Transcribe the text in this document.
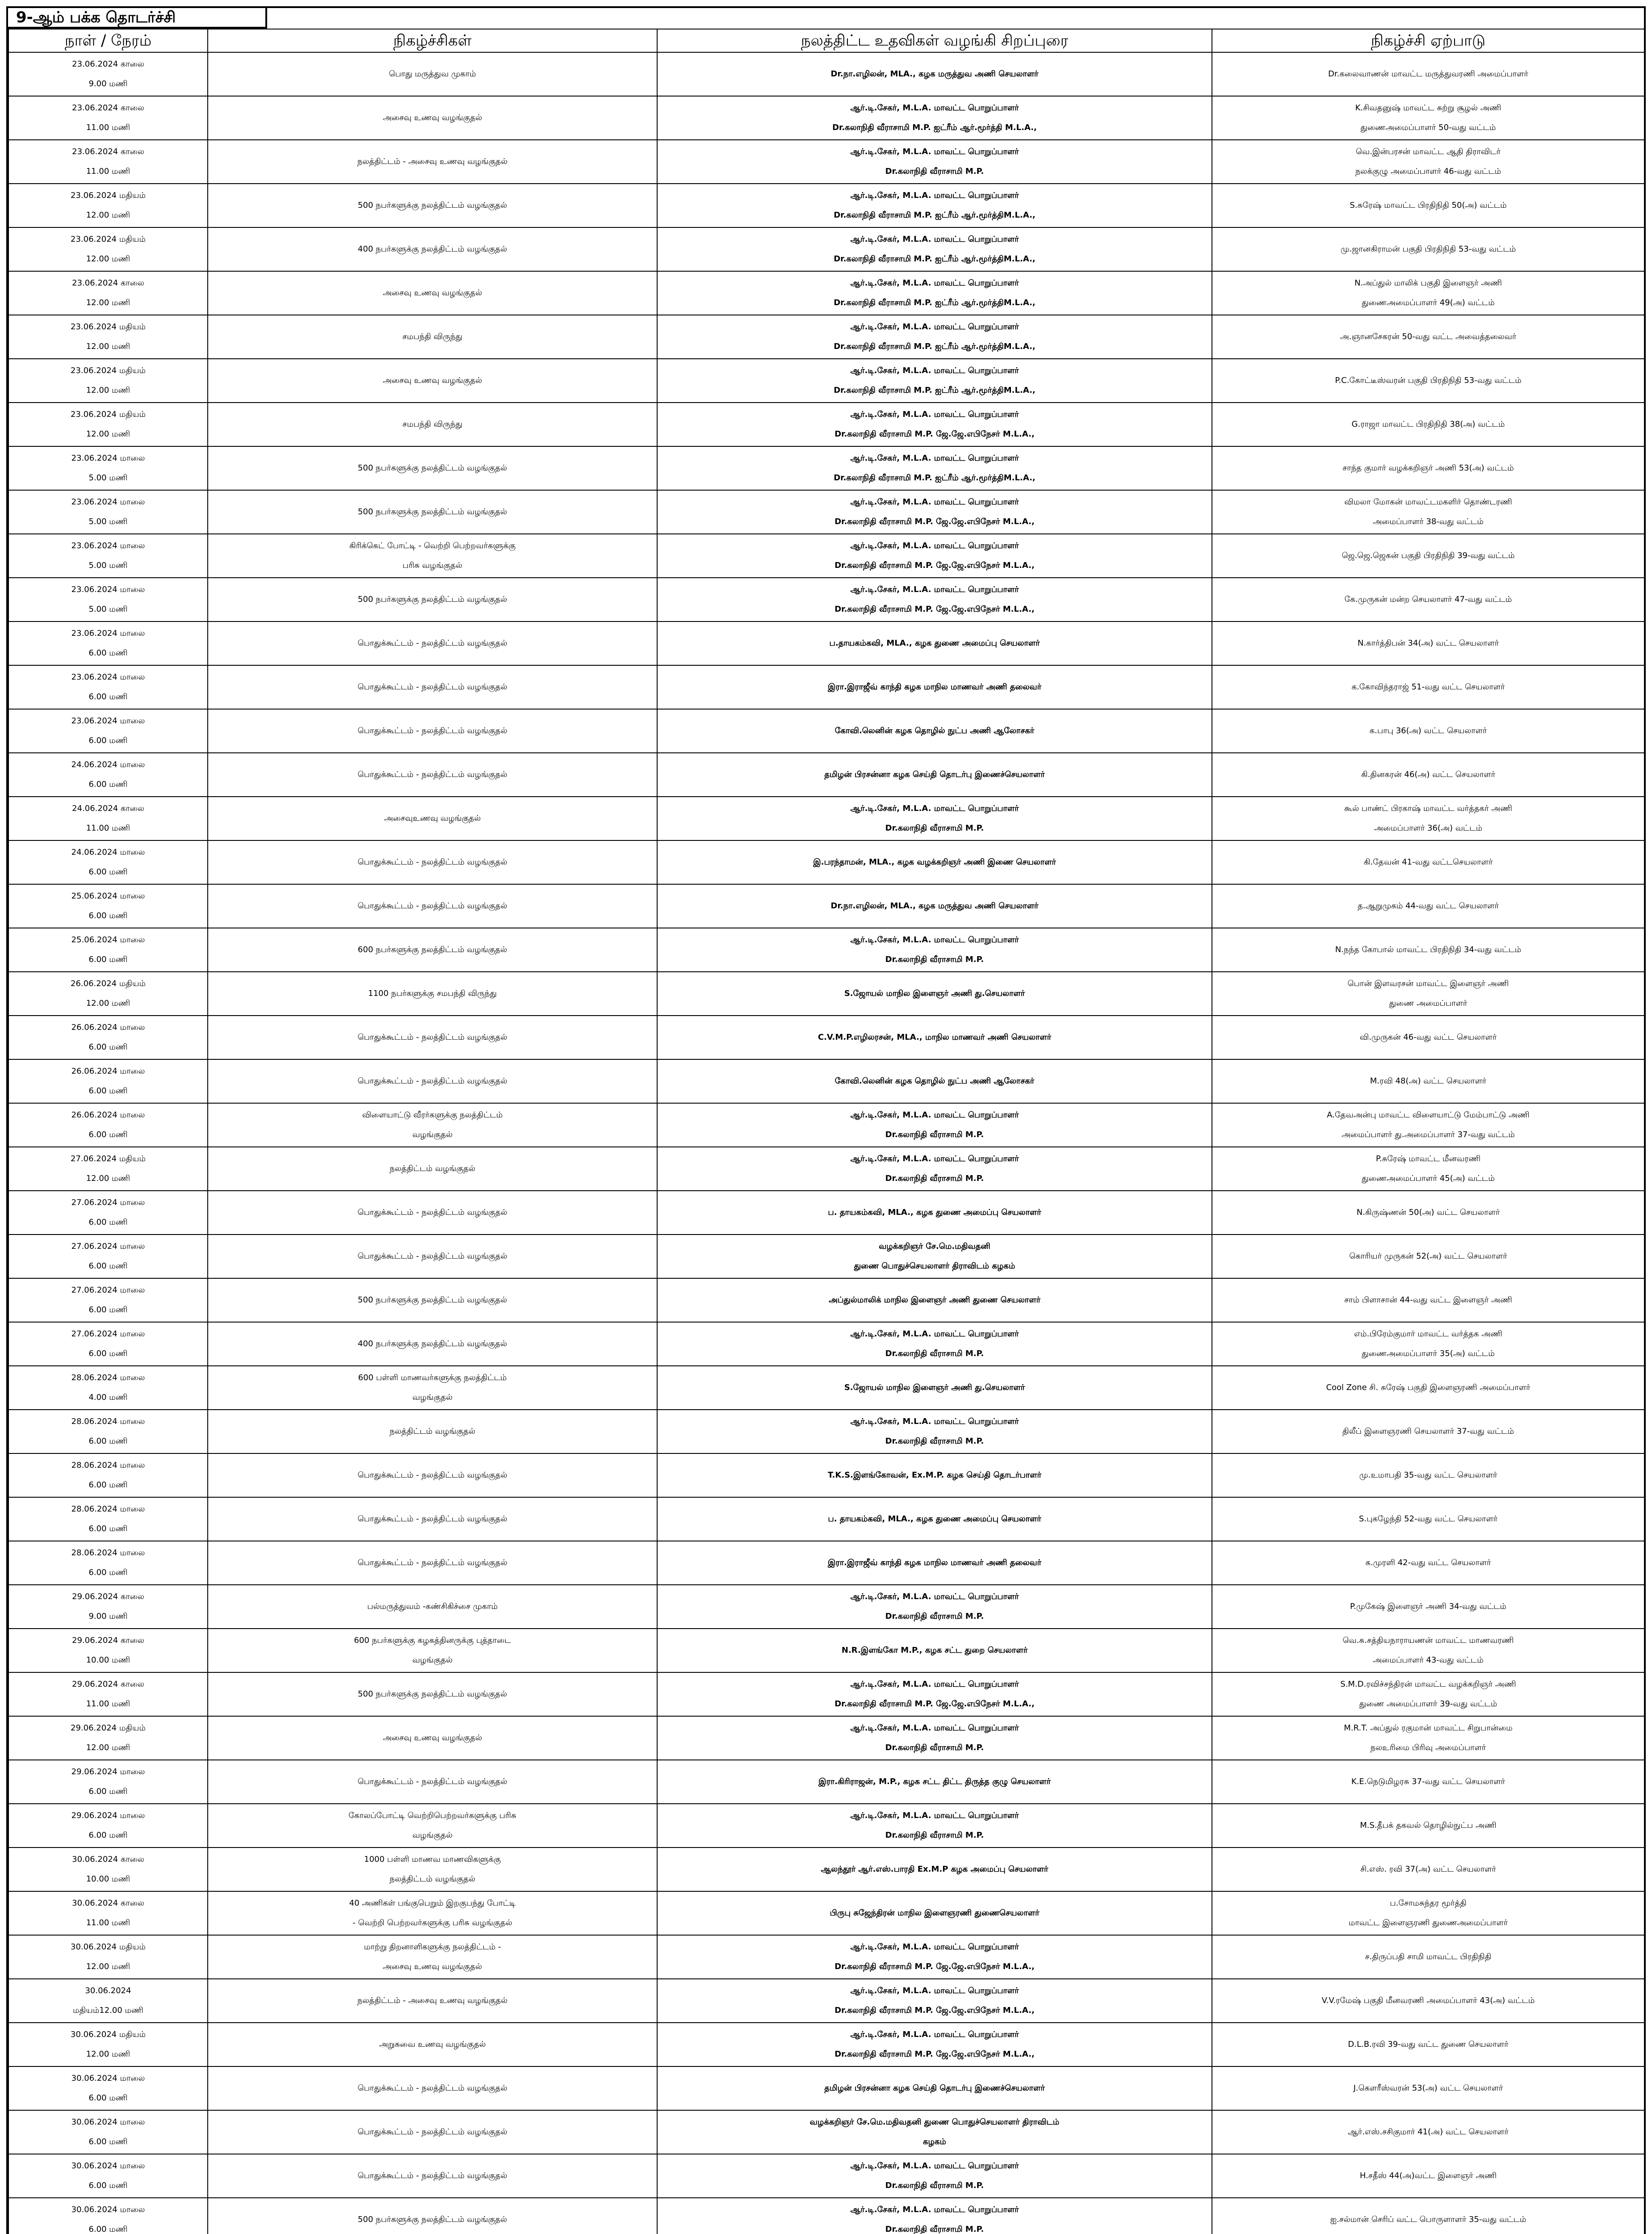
9-ஆம் பக்க தொடர்ச்சி
நாள் / நேரம்	நிகழ்ச்சிகள்	நலத்திட்ட உதவிகள் வழங்கி சிறப்புரை	நிகழ்ச்சி ஏற்பாடு

23.06.2024 காலை
9.00 மணி	பொது மருத்துவ முகாம்	Dr.நா.எழிலன், MLA., கழக மருத்துவ அணி செயலாளர்	Dr.கலைவாணன் மாவட்ட மருத்துவரணி அமைப்பாளர்

23.06.2024 காலை
11.00 மணி	அசைவு உணவு வழங்குதல்	ஆர்.டி.சேகர், M.L.A. மாவட்ட பொறுப்பாளர்
Dr.கலாநிதி வீராசாமி M.P. ஐட்ரீம் ஆர்.மூர்த்தி M.L.A.,	K.சிவதனுஷ் மாவட்ட சுற்று சூழல் அணி
துணைஅமைப்பாளர் 50-வது வட்டம்

23.06.2024 காலை
11.00 மணி	நலத்திட்டம் - அசைவு உணவு வழங்குதல்	ஆர்.டி.சேகர், M.L.A. மாவட்ட பொறுப்பாளர்
Dr.கலாநிதி வீராசாமி M.P.	வெ.இன்பரசன் மாவட்ட ஆதி திராவிடர்
நலக்குழு அமைப்பாளர் 46-வது வட்டம்

23.06.2024 மதியம்
12.00 மணி	500 நபர்களுக்கு நலத்திட்டம் வழங்குதல்	ஆர்.டி.சேகர், M.L.A. மாவட்ட பொறுப்பாளர்
Dr.கலாநிதி வீராசாமி M.P. ஐட்ரீம் ஆர்.மூர்த்திM.L.A.,	S.சுரேஷ் மாவட்ட பிரதிநிதி 50(அ) வட்டம்

23.06.2024 மதியம்
12.00 மணி	400 நபர்களுக்கு நலத்திட்டம் வழங்குதல்	ஆர்.டி.சேகர், M.L.A. மாவட்ட பொறுப்பாளர்
Dr.கலாநிதி வீராசாமி M.P. ஐட்ரீம் ஆர்.மூர்த்திM.L.A.,	மு.ஜானகிராமன் பகுதி பிரதிநிதி 53-வது வட்டம்

23.06.2024 காலை
12.00 மணி	அசைவு உணவு வழங்குதல்	ஆர்.டி.சேகர், M.L.A. மாவட்ட பொறுப்பாளர்
Dr.கலாநிதி வீராசாமி M.P. ஐட்ரீம் ஆர்.மூர்த்திM.L.A.,	N.அப்துல் மாலிக் பகுதி இளைஞர் அணி
துணைஅமைப்பாளர் 49(அ) வட்டம்

23.06.2024 மதியம்
12.00 மணி	சமபந்தி விருந்து	ஆர்.டி.சேகர், M.L.A. மாவட்ட பொறுப்பாளர்
Dr.கலாநிதி வீராசாமி M.P. ஐட்ரீம் ஆர்.மூர்த்திM.L.A.,	அ.ஞானசேகரன் 50-வது வட்ட அவைத்தலைவர்

23.06.2024 மதியம்
12.00 மணி	அசைவு உணவு வழங்குதல்	ஆர்.டி.சேகர், M.L.A. மாவட்ட பொறுப்பாளர்
Dr.கலாநிதி வீராசாமி M.P. ஐட்ரீம் ஆர்.மூர்த்திM.L.A.,	P.C.கோட்டீஸ்வரன் பகுதி பிரதிநிதி 53-வது வட்டம்

23.06.2024 மதியம்
12.00 மணி	சமபந்தி விருந்து	ஆர்.டி.சேகர், M.L.A. மாவட்ட பொறுப்பாளர்
Dr.கலாநிதி வீராசாமி M.P. ஜே.ஜே.எபிநேசர் M.L.A.,	G.ராஜா மாவட்ட பிரதிநிதி 38(அ) வட்டம்

23.06.2024 மாலை
5.00 மணி	500 நபர்களுக்கு நலத்திட்டம் வழங்குதல்	ஆர்.டி.சேகர், M.L.A. மாவட்ட பொறுப்பாளர்
Dr.கலாநிதி வீராசாமி M.P. ஐட்ரீம் ஆர்.மூர்த்திM.L.A.,	சாந்த குமார் வழக்கறிஞர் அணி 53(அ) வட்டம்

23.06.2024 மாலை
5.00 மணி	500 நபர்களுக்கு நலத்திட்டம் வழங்குதல்	ஆர்.டி.சேகர், M.L.A. மாவட்ட பொறுப்பாளர்
Dr.கலாநிதி வீராசாமி M.P. ஜே.ஜே.எபிநேசர் M.L.A.,	விமலா மோகன் மாவட்டமகளிர் தொண்டரணி
அமைப்பாளர் 38-வது வட்டம்

23.06.2024 மாலை
5.00 மணி	கிரிக்கெட் போட்டி - வெற்றி பெற்றவர்களுக்கு
பரிசு வழங்குதல்	ஆர்.டி.சேகர், M.L.A. மாவட்ட பொறுப்பாளர்
Dr.கலாநிதி வீராசாமி M.P. ஜே.ஜே.எபிநேசர் M.L.A.,	ஜெ.ஜெ.ஜெகன் பகுதி பிரதிநிதி 39-வது வட்டம்

23.06.2024 மாலை
5.00 மணி	500 நபர்களுக்கு நலத்திட்டம் வழங்குதல்	ஆர்.டி.சேகர், M.L.A. மாவட்ட பொறுப்பாளர்
Dr.கலாநிதி வீராசாமி M.P. ஜே.ஜே.எபிநேசர் M.L.A.,	கே.முருகன் மன்ற செயலாளர் 47-வது வட்டம்

23.06.2024 மாலை
6.00 மணி	பொதுக்கூட்டம் - நலத்திட்டம் வழங்குதல்	ப.தாயகம்கவி, MLA., கழக துணை அமைப்பு செயலாளர்	N.கார்த்திபன் 34(அ) வட்ட செயலாளர்

23.06.2024 மாலை
6.00 மணி	பொதுக்கூட்டம் - நலத்திட்டம் வழங்குதல்	இரா.இராஜீவ் காந்தி கழக மாநில மாணவர் அணி தலைவர்	க.கோவிந்தராஜ் 51-வது வட்ட செயலாளர்

23.06.2024 மாலை
6.00 மணி	பொதுக்கூட்டம் - நலத்திட்டம் வழங்குதல்	கோவி.லெனின் கழக தொழில் நுட்ப அணி ஆலோசகர்	க.பாபு 36(அ) வட்ட செயலாளர்

24.06.2024 மாலை
6.00 மணி	பொதுக்கூட்டம் - நலத்திட்டம் வழங்குதல்	தமிழன் பிரசன்னா கழக செய்தி தொடர்பு இணைச்செயலாளர்	கி.தினகரன் 46(அ) வட்ட செயலாளர்

24.06.2024 காலை
11.00 மணி	அசைவுஉணவு வழங்குதல்	ஆர்.டி.சேகர், M.L.A. மாவட்ட பொறுப்பாளர்
Dr.கலாநிதி வீராசாமி M.P.	கூல் பாண்ட் பிரகாஷ் மாவட்ட வர்த்தகர் அணி
அமைப்பாளர் 36(அ) வட்டம்

24.06.2024 மாலை
6.00 மணி	பொதுக்கூட்டம் - நலத்திட்டம் வழங்குதல்	இ.பரந்தாமன், MLA., கழக வழக்கறிஞர் அணி இணை செயலாளர்	கி.தேவன் 41-வது வட்டசெயலாளர்

25.06.2024 மாலை
6.00 மணி	பொதுக்கூட்டம் - நலத்திட்டம் வழங்குதல்	Dr.நா.எழிலன், MLA., கழக மருத்துவ அணி செயலாளர்	த.ஆறுமுகம் 44-வது வட்ட செயலாளர்

25.06.2024 மாலை
6.00 மணி	600 நபர்களுக்கு நலத்திட்டம் வழங்குதல்	ஆர்.டி.சேகர், M.L.A. மாவட்ட பொறுப்பாளர்
Dr.கலாநிதி வீராசாமி M.P.	N.நந்த கோபால் மாவட்ட பிரதிநிதி 34-வது வட்டம்

26.06.2024 மதியம்
12.00 மணி	1100 நபர்களுக்கு சமபந்தி விருந்து	S.ஜோயல் மாநில இளைஞர் அணி து.செயலாளர்	பொன் இளவரசன் மாவட்ட இளைஞர் அணி
துணை அமைப்பாளர்

26.06.2024 மாலை
6.00 மணி	பொதுக்கூட்டம் - நலத்திட்டம் வழங்குதல்	C.V.M.P.எழிலரசன், MLA., மாநில மாணவர் அணி செயலாளர்	வி.முருகன் 46-வது வட்ட செயலாளர்

26.06.2024 மாலை
6.00 மணி	பொதுக்கூட்டம் - நலத்திட்டம் வழங்குதல்	கோவி.லெனின் கழக தொழில் நுட்ப அணி ஆலோசகர்	M.ரவி 48(அ) வட்ட செயலாளர்

26.06.2024 மாலை
6.00 மணி	விளையாட்டு வீரர்களுக்கு நலத்திட்டம்
வழங்குதல்	ஆர்.டி.சேகர், M.L.A. மாவட்ட பொறுப்பாளர்
Dr.கலாநிதி வீராசாமி M.P.	A.தேவஅன்பு மாவட்ட விளையாட்டு மேம்பாட்டு அணி
அமைப்பாளர் து.அமைப்பாளர் 37-வது வட்டம்

27.06.2024 மதியம்
12.00 மணி	நலத்திட்டம் வழங்குதல்	ஆர்.டி.சேகர், M.L.A. மாவட்ட பொறுப்பாளர்
Dr.கலாநிதி வீராசாமி M.P.	P.சுரேஷ் மாவட்ட மீனவரணி
துணைஅமைப்பாளர் 45(அ) வட்டம்

27.06.2024 மாலை
6.00 மணி	பொதுக்கூட்டம் - நலத்திட்டம் வழங்குதல்	ப. தாயகம்கவி, MLA., கழக துணை அமைப்பு செயலாளர்	N.கிருஷ்ணன் 50(அ) வட்ட செயலாளர்

27.06.2024 மாலை
6.00 மணி	பொதுக்கூட்டம் - நலத்திட்டம் வழங்குதல்	வழக்கறிஞர் சே.மெ.மதிவதனி
துணை பொதுச்செயலாளர் திராவிடம் கழகம்	கொரியர் முருகன் 52(அ) வட்ட செயலாளர்

27.06.2024 மாலை
6.00 மணி	500 நபர்களுக்கு நலத்திட்டம் வழங்குதல்	அப்துல்மாலிக் மாநில இளைஞர் அணி துணை செயலாளர்	சாம் பிளாசான் 44-வது வட்ட இளைஞர் அணி

27.06.2024 மாலை
6.00 மணி	400 நபர்களுக்கு நலத்திட்டம் வழங்குதல்	ஆர்.டி.சேகர், M.L.A. மாவட்ட பொறுப்பாளர்
Dr.கலாநிதி வீராசாமி M.P.	எம்.பிரேம்குமார் மாவட்ட வர்த்தக அணி
துணைஅமைப்பாளர் 35(அ) வட்டம்

28.06.2024 மாலை
4.00 மணி	600 பள்ளி மாணவர்களுக்கு நலத்திட்டம்
வழங்குதல்	S.ஜோயல் மாநில இளைஞர் அணி து.செயலாளர்	Cool Zone சி. சுரேஷ் பகுதி இளைஞரணி அமைப்பாளர்

28.06.2024 மாலை
6.00 மணி	நலத்திட்டம் வழங்குதல்	ஆர்.டி.சேகர், M.L.A. மாவட்ட பொறுப்பாளர்
Dr.கலாநிதி வீராசாமி M.P.	திலீப் இளைஞரணி செயலாளர் 37-வது வட்டம்

28.06.2024 மாலை
6.00 மணி	பொதுக்கூட்டம் - நலத்திட்டம் வழங்குதல்	T.K.S.இளங்கோவன், Ex.M.P. கழக செய்தி தொடர்பாளர்	மு.உமாபதி 35-வது வட்ட செயலாளர்

28.06.2024 மாலை
6.00 மணி	பொதுக்கூட்டம் - நலத்திட்டம் வழங்குதல்	ப. தாயகம்கவி, MLA., கழக துணை அமைப்பு செயலாளர்	S.புகழேந்தி 52-வது வட்ட செயலாளர்

28.06.2024 மாலை
6.00 மணி	பொதுக்கூட்டம் - நலத்திட்டம் வழங்குதல்	இரா.இராஜீவ் காந்தி கழக மாநில மாணவர் அணி தலைவர்	க.முரளி 42-வது வட்ட செயலாளர்

29.06.2024 காலை
9.00 மணி	பல்மருத்துவம் -கண்சிகிச்சை முகாம்	ஆர்.டி.சேகர், M.L.A. மாவட்ட பொறுப்பாளர்
Dr.கலாநிதி வீராசாமி M.P.	P.முகேஷ் இளைஞர் அணி 34-வது வட்டம்

29.06.2024 காலை
10.00 மணி	600 நபர்களுக்கு கழகத்தினருக்கு புத்தாடை
வழங்குதல்	N.R.இளங்கோ M.P., கழக சட்ட துறை செயலாளர்	வெ.சு.சத்தியநாராயணன் மாவட்ட மாணவரணி
அமைப்பாளர் 43-வது வட்டம்

29.06.2024 காலை
11.00 மணி	500 நபர்களுக்கு நலத்திட்டம் வழங்குதல்	ஆர்.டி.சேகர், M.L.A. மாவட்ட பொறுப்பாளர்
Dr.கலாநிதி வீராசாமி M.P. ஜே.ஜே.எபிநேசர் M.L.A.,	S.M.D.ரவிச்சந்திரன் மாவட்ட வழக்கறிஞர் அணி
துணை அமைப்பாளர் 39-வது வட்டம்

29.06.2024 மதியம்
12.00 மணி	அசைவு உணவு வழங்குதல்	ஆர்.டி.சேகர், M.L.A. மாவட்ட பொறுப்பாளர்
Dr.கலாநிதி வீராசாமி M.P.	M.R.T. அப்துல் ரகுமான் மாவட்ட சிறுபான்மை
நலஉரிமை பிரிவு அமைப்பாளர்

29.06.2024 மாலை
6.00 மணி	பொதுக்கூட்டம் - நலத்திட்டம் வழங்குதல்	இரா.கிரிராஜன், M.P., கழக சட்ட திட்ட திருத்த குழு செயலாளர்	K.E.நெடுமிழரசு 37-வது வட்ட செயலாளர்

29.06.2024 மாலை
6.00 மணி	கோலப்போட்டி வெற்றிபெற்றவர்களுக்கு பரிசு
வழங்குதல்	ஆர்.டி.சேகர், M.L.A. மாவட்ட பொறுப்பாளர்
Dr.கலாநிதி வீராசாமி M.P.	M.S.தீபக் தகவல் தொழில்நுட்ப அணி

30.06.2024 காலை
10.00 மணி	1000 பள்ளி மாணவ மாணவிகளுக்கு
நலத்திட்டம் வழங்குதல்	ஆலந்தூர் ஆர்.எஸ்.பாரதி Ex.M.P கழக அமைப்பு செயலாளர்	சி.எஸ். ரவி 37(அ) வட்ட செயலாளர்

30.06.2024 காலை
11.00 மணி	40 அணிகள் பங்குபெறும் இறகுபந்து போட்டி
- வெற்றி பெற்றவர்களுக்கு பரிசு வழங்குதல்	பிருபு சுஜேந்திரன் மாநில இளைஞரணி துணைசெயலாளர்	ப.சோமசுந்தர மூர்த்தி
மாவட்ட இளைஞரணி துணைஅமைப்பாளர்

30.06.2024 மதியம்
12.00 மணி	மாற்று திறனாளிகளுக்கு நலத்திட்டம் -
அசைவு உணவு வழங்குதல்	ஆர்.டி.சேகர், M.L.A. மாவட்ட பொறுப்பாளர்
Dr.கலாநிதி வீராசாமி M.P. ஜே.ஜே.எபிநேசர் M.L.A.,	ச.திருப்பதி சாமி மாவட்ட பிரதிநிதி

30.06.2024
மதியம்12.00 மணி	நலத்திட்டம் - அசைவு உணவு வழங்குதல்	ஆர்.டி.சேகர், M.L.A. மாவட்ட பொறுப்பாளர்
Dr.கலாநிதி வீராசாமி M.P. ஜே.ஜே.எபிநேசர் M.L.A.,	V.V.ரமேஷ் பகுதி மீனவரணி அமைப்பாளர் 43(அ) வட்டம்

30.06.2024 மதியம்
12.00 மணி	அறுசுவை உணவு வழங்குதல்	ஆர்.டி.சேகர், M.L.A. மாவட்ட பொறுப்பாளர்
Dr.கலாநிதி வீராசாமி M.P. ஜே.ஜே.எபிநேசர் M.L.A.,	D.L.B.ரவி 39-வது வட்ட துணை செயலாளர்

30.06.2024 மாலை
6.00 மணி	பொதுக்கூட்டம் - நலத்திட்டம் வழங்குதல்	தமிழன் பிரசன்னா கழக செய்தி தொடர்பு இணைச்செயலாளர்	J.கௌரீஸ்வரன் 53(அ) வட்ட செயலாளர்

30.06.2024 மாலை
6.00 மணி	பொதுக்கூட்டம் - நலத்திட்டம் வழங்குதல்	வழக்கறிஞர் சே.மெ.மதிவதனி துணை பொதுச்செயலாளர் திராவிடம்
கழகம்	ஆர்.எஸ்.சசிகுமார் 41(அ) வட்ட செயலாளர்

30.06.2024 மாலை
6.00 மணி	பொதுக்கூட்டம் - நலத்திட்டம் வழங்குதல்	ஆர்.டி.சேகர், M.L.A. மாவட்ட பொறுப்பாளர்
Dr.கலாநிதி வீராசாமி M.P.	H.சதீஸ் 44(அ)வட்ட இளைஞர் அணி

30.06.2024 மாலை
6.00 மணி	500 நபர்களுக்கு நலத்திட்டம் வழங்குதல்	ஆர்.டி.சேகர், M.L.A. மாவட்ட பொறுப்பாளர்
Dr.கலாநிதி வீராசாமி M.P.	ஐ.சல்மான் செரிப் வட்ட பொருளாளர் 35-வது வட்டம்
